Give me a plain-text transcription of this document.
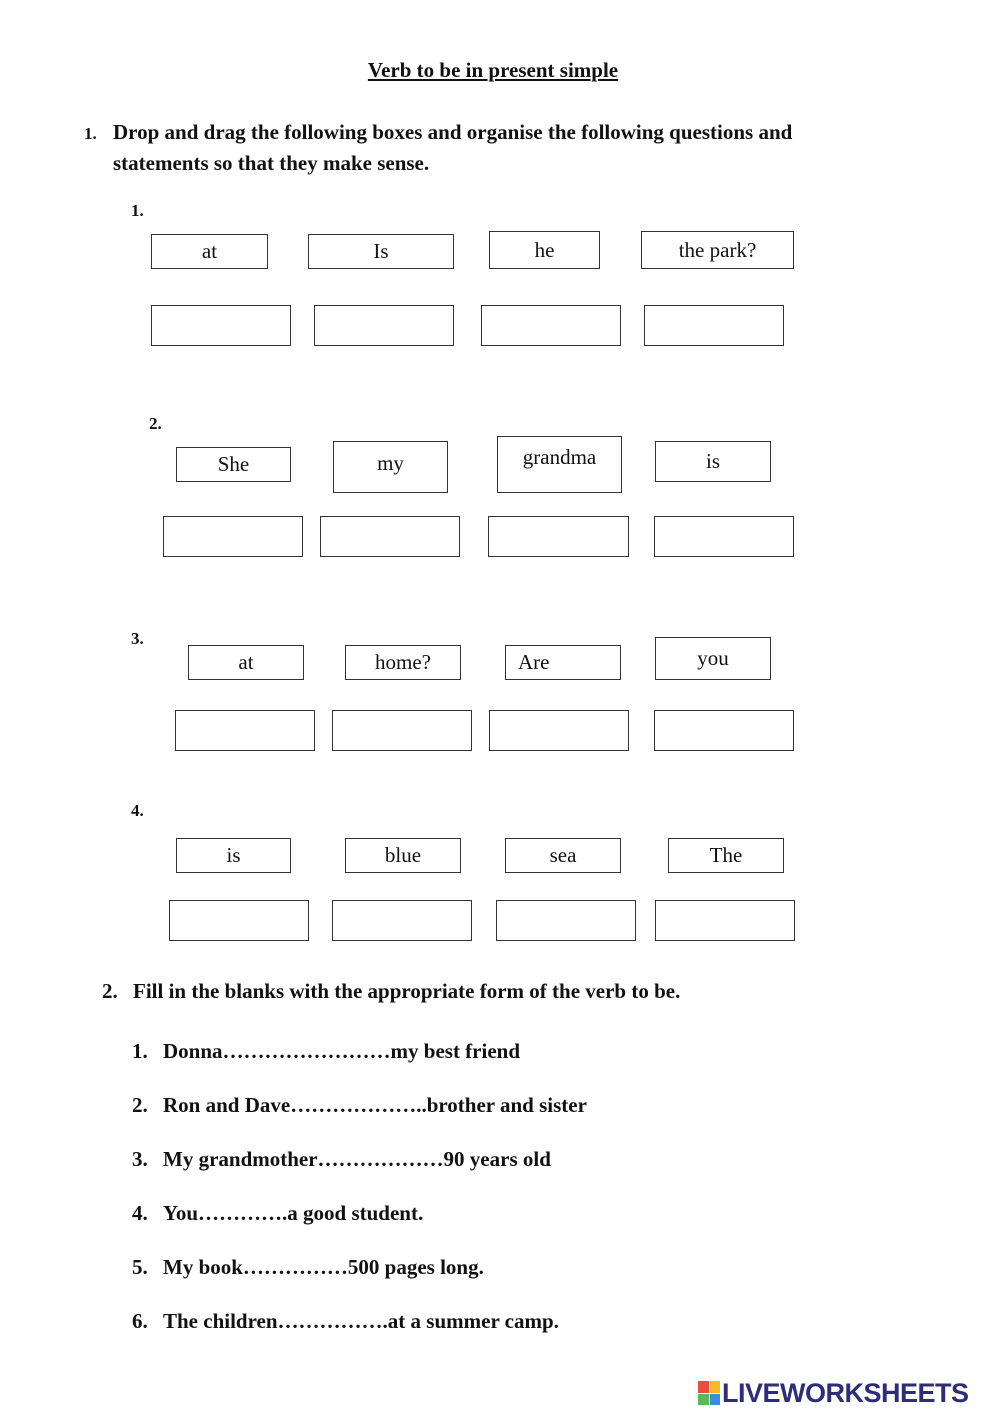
Verb to be in present simple
1. Drop and drag the following boxes and organise the following questions and
statements so that they make sense.
1.
at	Is	he	the park?
2.
She	my	grandma	is
3.
at	home?	Are	you
4.
is	blue	sea	The
2. Fill in the blanks with the appropriate form of the verb to be.
1. Donna……………………my best friend
2. Ron and Dave………………..brother and sister
3. My grandmother………………90 years old
4. You………….a good student.
5. My book……………500 pages long.
6. The children…………….at a summer camp.
LIVEWORKSHEETS
